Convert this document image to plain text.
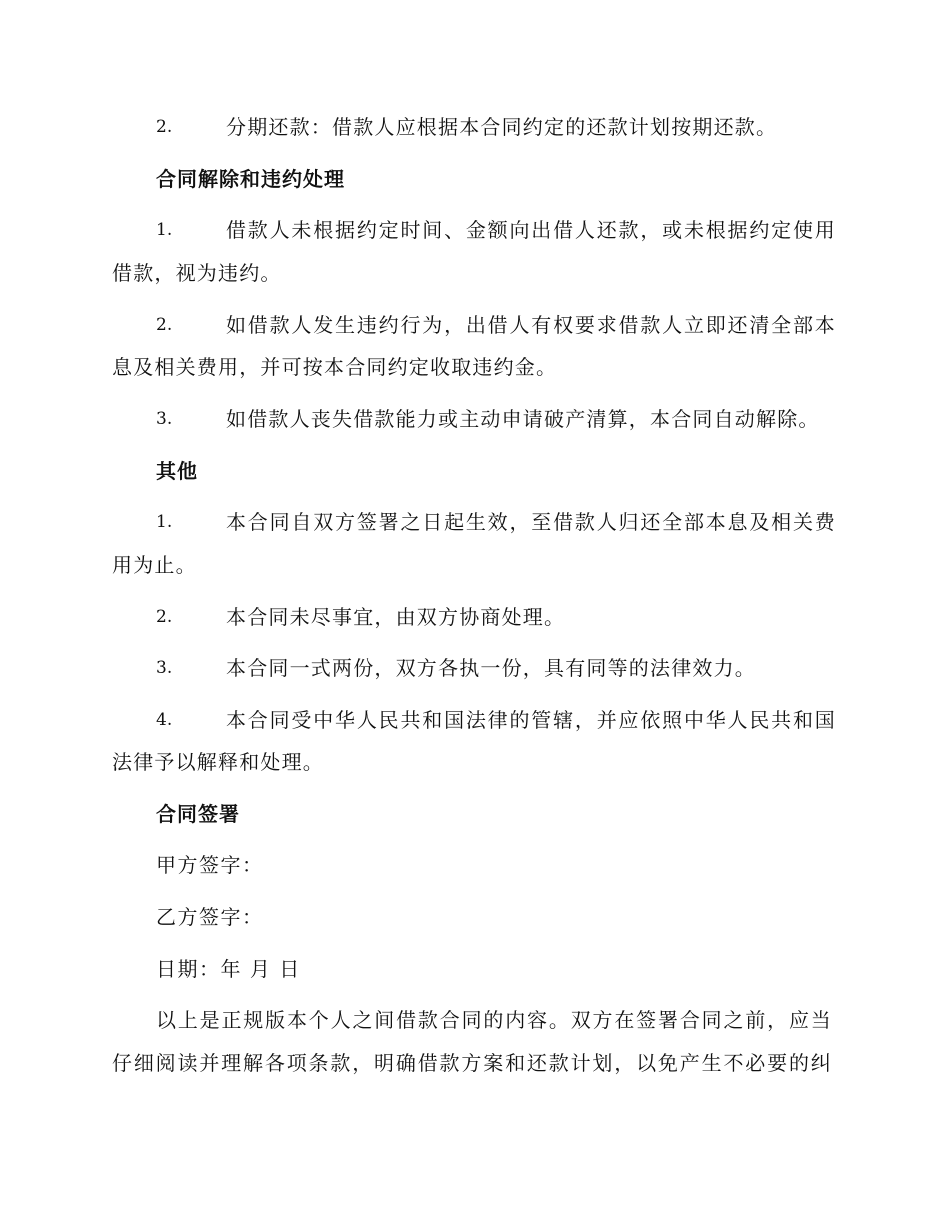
2.	分期还款：借款人应根据本合同约定的还款计划按期还款。
合同解除和违约处理
1.	借款人未根据约定时间、金额向出借人还款，或未根据约定使用
借款，视为违约。
2.	如借款人发生违约行为，出借人有权要求借款人立即还清全部本
息及相关费用，并可按本合同约定收取违约金。
3.	如借款人丧失借款能力或主动申请破产清算，本合同自动解除。
其他
1.	本合同自双方签署之日起生效，至借款人归还全部本息及相关费
用为止。
2.	本合同未尽事宜，由双方协商处理。
3.	本合同一式两份，双方各执一份，具有同等的法律效力。
4.	本合同受中华人民共和国法律的管辖，并应依照中华人民共和国
法律予以解释和处理。
合同签署
甲方签字：
乙方签字：
日期：年 月 日
以上是正规版本个人之间借款合同的内容。双方在签署合同之前，应当
仔细阅读并理解各项条款，明确借款方案和还款计划，以免产生不必要的纠
